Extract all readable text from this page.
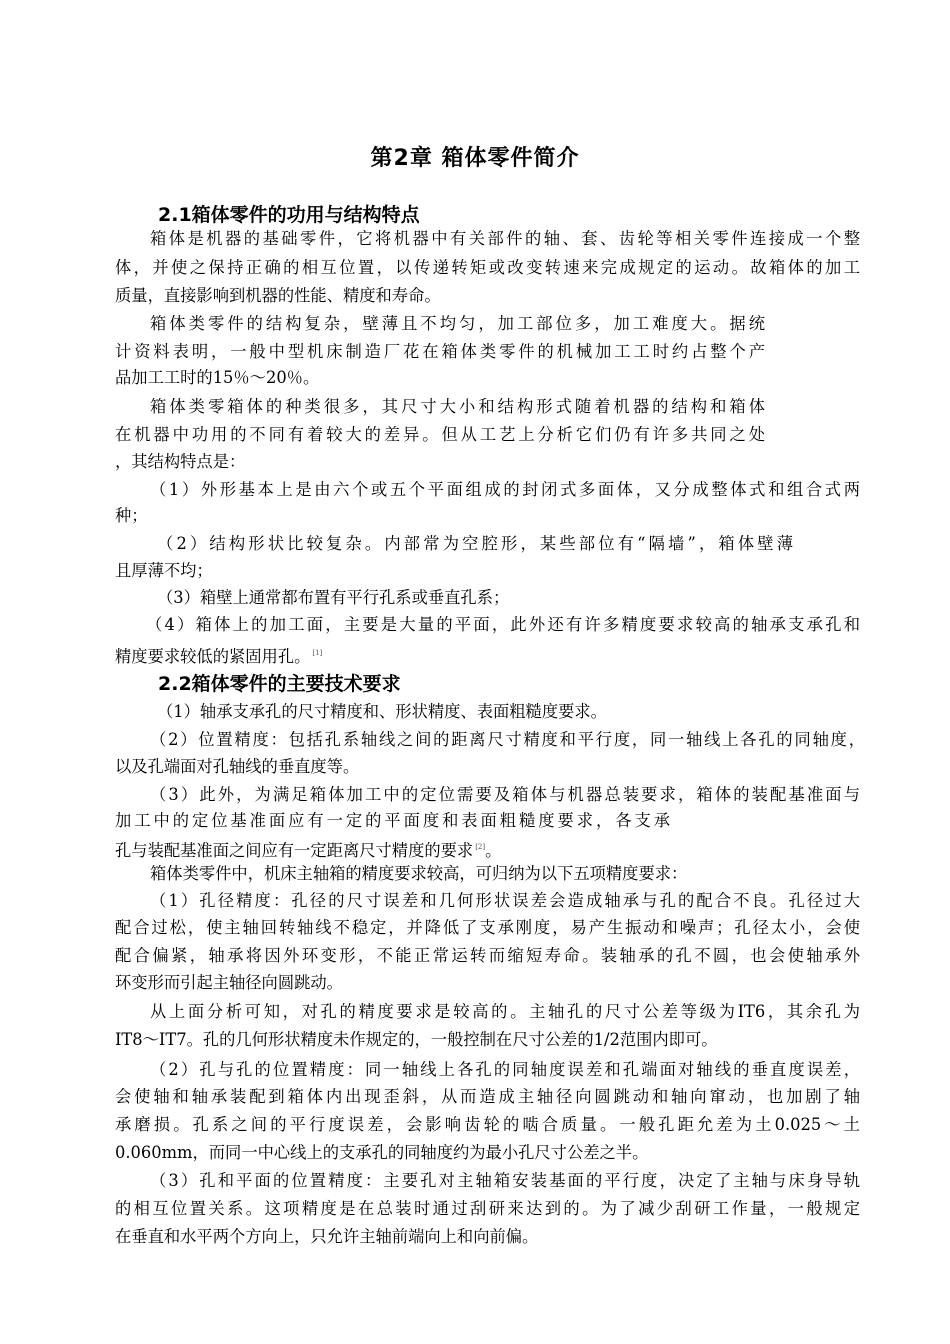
第2章 箱体零件简介
2.1箱体零件的功用与结构特点
箱体是机器的基础零件，它将机器中有关部件的轴、套、齿轮等相关零件连接成一个整
体，并使之保持正确的相互位置，以传递转矩或改变转速来完成规定的运动。故箱体的加工
质量，直接影响到机器的性能、精度和寿命。
箱体类零件的结构复杂，壁薄且不均匀，加工部位多，加工难度大。据统
计资料表明，一般中型机床制造厂花在箱体类零件的机械加工工时约占整个产
品加工工时的15％～20％。
箱体类零箱体的种类很多，其尺寸大小和结构形式随着机器的结构和箱体
在机器中功用的不同有着较大的差异。但从工艺上分析它们仍有许多共同之处
，其结构特点是：
（1）外形基本上是由六个或五个平面组成的封闭式多面体，又分成整体式和组合式两
种；
（2）结构形状比较复杂。内部常为空腔形，某些部位有“隔墙”，箱体壁薄
且厚薄不均；
（3）箱壁上通常都布置有平行孔系或垂直孔系；
（4）箱体上的加工面，主要是大量的平面，此外还有许多精度要求较高的轴承支承孔和
精度要求较低的紧固用孔。 [1]
2.2箱体零件的主要技术要求
（1）轴承支承孔的尺寸精度和、形状精度、表面粗糙度要求。
（2）位置精度：包括孔系轴线之间的距离尺寸精度和平行度，同一轴线上各孔的同轴度，
以及孔端面对孔轴线的垂直度等。
（3）此外，为满足箱体加工中的定位需要及箱体与机器总装要求，箱体的装配基准面与
加工中的定位基准面应有一定的平面度和表面粗糙度要求，各支承
孔与装配基准面之间应有一定距离尺寸精度的要求 [2]。
箱体类零件中，机床主轴箱的精度要求较高，可归纳为以下五项精度要求：
（1）孔径精度：孔径的尺寸误差和几何形状误差会造成轴承与孔的配合不良。孔径过大
配合过松，使主轴回转轴线不稳定，并降低了支承刚度，易产生振动和噪声；孔径太小，会使
配合偏紧，轴承将因外环变形，不能正常运转而缩短寿命。装轴承的孔不圆，也会使轴承外
环变形而引起主轴径向圆跳动。
从上面分析可知，对孔的精度要求是较高的。主轴孔的尺寸公差等级为IT6，其余孔为
IT8～IT7。孔的几何形状精度未作规定的，一般控制在尺寸公差的1/2范围内即可。
（2）孔与孔的位置精度：同一轴线上各孔的同轴度误差和孔端面对轴线的垂直度误差，
会使轴和轴承装配到箱体内出现歪斜，从而造成主轴径向圆跳动和轴向窜动，也加剧了轴
承磨损。孔系之间的平行度误差，会影响齿轮的啮合质量。一般孔距允差为土0.025～土
0.060mm，而同一中心线上的支承孔的同轴度约为最小孔尺寸公差之半。
（3）孔和平面的位置精度：主要孔对主轴箱安装基面的平行度，决定了主轴与床身导轨
的相互位置关系。这项精度是在总装时通过刮研来达到的。为了减少刮研工作量，一般规定
在垂直和水平两个方向上，只允许主轴前端向上和向前偏。
